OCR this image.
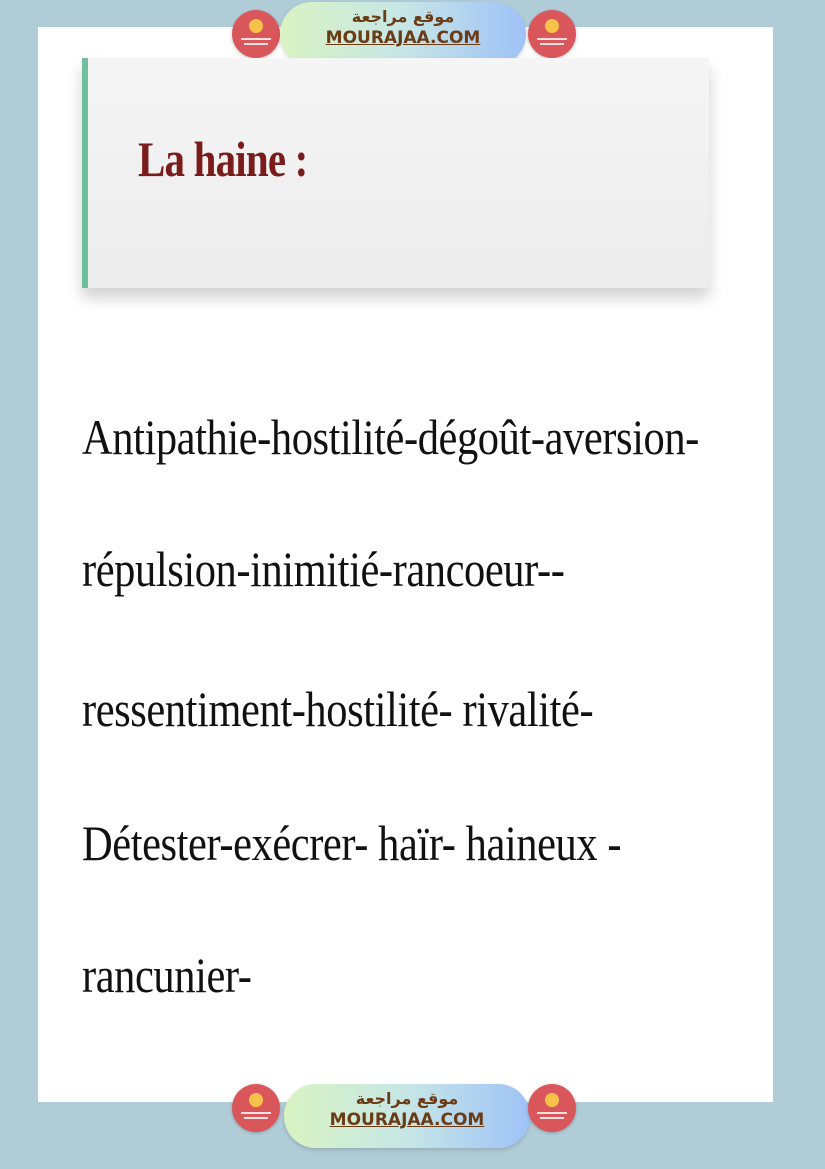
موقع مراجعة
MOURAJAA.COM
La haine :
Antipathie-hostilité-dégoût-aversion-
répulsion-inimitié-rancoeur--
ressentiment-hostilité- rivalité-
Détester-exécrer- haïr- haineux -
rancunier-
موقع مراجعة
MOURAJAA.COM
